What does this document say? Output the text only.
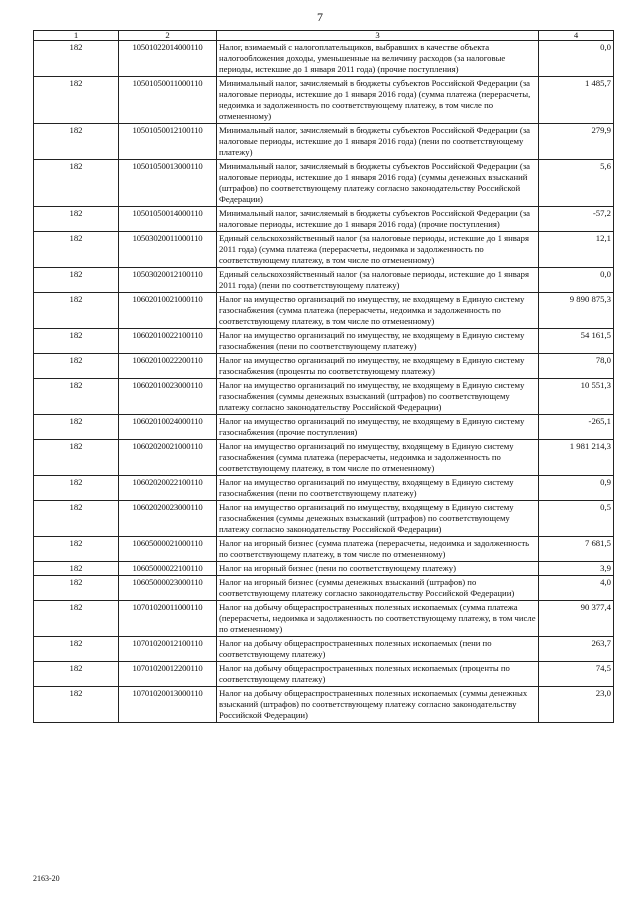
7
1	2	3	4
182	10501022014000110	Налог, взимаемый с налогоплательщиков, выбравших в качестве объекта налогообложения доходы, уменьшенные на величину расходов (за налоговые периоды, истекшие до 1 января 2011 года) (прочие поступления)	0,0
182	10501050011000110	Минимальный налог, зачисляемый в бюджеты субъектов Российской Федерации (за налоговые периоды, истекшие до 1 января 2016 года) (сумма платежа (перерасчеты, недоимка и задолженность по соответствующему платежу, в том числе по отмененному)	1 485,7
182	10501050012100110	Минимальный налог, зачисляемый в бюджеты субъектов Российской Федерации (за налоговые периоды, истекшие до 1 января 2016 года) (пени по соответствующему платежу)	279,9
182	10501050013000110	Минимальный налог, зачисляемый в бюджеты субъектов Российской Федерации (за налоговые периоды, истекшие до 1 января 2016 года) (суммы денежных взысканий (штрафов) по соответствующему платежу согласно законодательству Российской Федерации)	5,6
182	10501050014000110	Минимальный налог, зачисляемый в бюджеты субъектов Российской Федерации (за налоговые периоды, истекшие до 1 января 2016 года) (прочие поступления)	-57,2
182	10503020011000110	Единый сельскохозяйственный налог (за налоговые периоды, истекшие до 1 января 2011 года) (сумма платежа (перерасчеты, недоимка и задолженность по соответствующему платежу, в том числе по отмененному)	12,1
182	10503020012100110	Единый сельскохозяйственный налог (за налоговые периоды, истекшие до 1 января 2011 года) (пени по соответствующему платежу)	0,0
182	10602010021000110	Налог на имущество организаций по имуществу, не входящему в Единую систему газоснабжения (сумма платежа (перерасчеты, недоимка и задолженность по соответствующему платежу, в том числе по отмененному)	9 890 875,3
182	10602010022100110	Налог на имущество организаций по имуществу, не входящему в Единую систему газоснабжения (пени по соответствующему платежу)	54 161,5
182	10602010022200110	Налог на имущество организаций по имуществу, не входящему в Единую систему газоснабжения (проценты по соответствующему платежу)	78,0
182	10602010023000110	Налог на имущество организаций по имуществу, не входящему в Единую систему газоснабжения (суммы денежных взысканий (штрафов) по соответствующему платежу согласно законодательству Российской Федерации)	10 551,3
182	10602010024000110	Налог на имущество организаций по имуществу, не входящему в Единую систему газоснабжения (прочие поступления)	-265,1
182	10602020021000110	Налог на имущество организаций по имуществу, входящему в Единую систему газоснабжения (сумма платежа (перерасчеты, недоимка и задолженность по соответствующему платежу, в том числе по отмененному)	1 981 214,3
182	10602020022100110	Налог на имущество организаций по имуществу, входящему в Единую систему газоснабжения (пени по соответствующему платежу)	0,9
182	10602020023000110	Налог на имущество организаций по имуществу, входящему в Единую систему газоснабжения (суммы денежных взысканий (штрафов) по соответствующему платежу согласно законодательству Российской Федерации)	0,5
182	10605000021000110	Налог на игорный бизнес (сумма платежа (перерасчеты, недоимка и задолженность по соответствующему платежу, в том числе по отмененному)	7 681,5
182	10605000022100110	Налог на игорный бизнес (пени по соответствующему платежу)	3,9
182	10605000023000110	Налог на игорный бизнес (суммы денежных взысканий (штрафов) по соответствующему платежу согласно законодательству Российской Федерации)	4,0
182	10701020011000110	Налог на добычу общераспространенных полезных ископаемых (сумма платежа (перерасчеты, недоимка и задолженность по соответствующему платежу, в том числе по отмененному)	90 377,4
182	10701020012100110	Налог на добычу общераспространенных полезных ископаемых (пени по соответствующему платежу)	263,7
182	10701020012200110	Налог на добычу общераспространенных полезных ископаемых (проценты по соответствующему платежу)	74,5
182	10701020013000110	Налог на добычу общераспространенных полезных ископаемых (суммы денежных взысканий (штрафов) по соответствующему платежу согласно законодательству Российской Федерации)	23,0
2163-20
